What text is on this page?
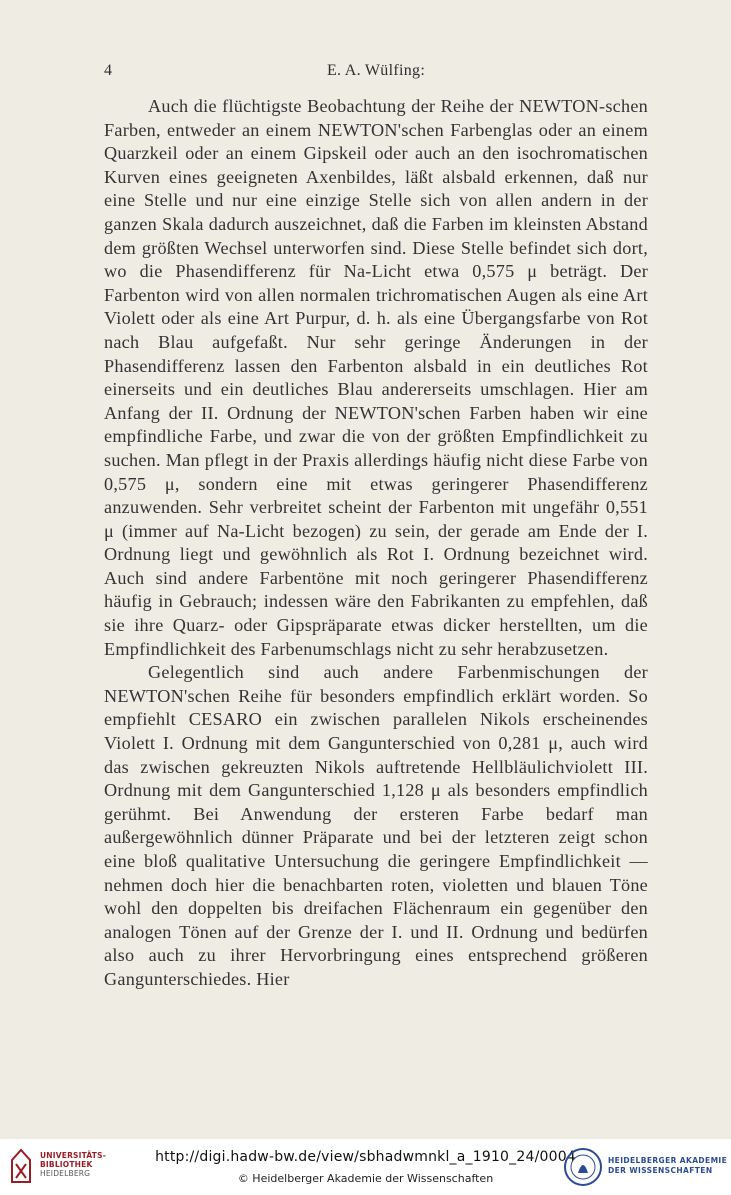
4	E. A. Wülfing:

Auch die flüchtigste Beobachtung der Reihe der NEWTON-schen Farben, entweder an einem NEWTON'schen Farbenglas oder an einem Quarzkeil oder an einem Gipskeil oder auch an den isochromatischen Kurven eines geeigneten Axenbildes, läßt alsbald erkennen, daß nur eine Stelle und nur eine einzige Stelle sich von allen andern in der ganzen Skala dadurch auszeichnet, daß die Farben im kleinsten Abstand dem größten Wechsel unterworfen sind. Diese Stelle befindet sich dort, wo die Phasendifferenz für Na-Licht etwa 0,575 μ beträgt. Der Farbenton wird von allen normalen trichromatischen Augen als eine Art Violett oder als eine Art Purpur, d. h. als eine Übergangsfarbe von Rot nach Blau aufgefaßt. Nur sehr geringe Änderungen in der Phasendifferenz lassen den Farbenton alsbald in ein deutliches Rot einerseits und ein deutliches Blau andererseits umschlagen. Hier am Anfang der II. Ordnung der NEWTON'schen Farben haben wir eine empfindliche Farbe, und zwar die von der größten Empfindlichkeit zu suchen. Man pflegt in der Praxis allerdings häufig nicht diese Farbe von 0,575 μ, sondern eine mit etwas geringerer Phasendifferenz anzuwenden. Sehr verbreitet scheint der Farbenton mit ungefähr 0,551 μ (immer auf Na-Licht bezogen) zu sein, der gerade am Ende der I. Ordnung liegt und gewöhnlich als Rot I. Ordnung bezeichnet wird. Auch sind andere Farbentöne mit noch geringerer Phasendifferenz häufig in Gebrauch; indessen wäre den Fabrikanten zu empfehlen, daß sie ihre Quarz- oder Gipspräparate etwas dicker herstellten, um die Empfindlichkeit des Farbenumschlags nicht zu sehr herabzusetzen.

Gelegentlich sind auch andere Farbenmischungen der NEWTON'schen Reihe für besonders empfindlich erklärt worden. So empfiehlt CESARO ein zwischen parallelen Nikols erscheinendes Violett I. Ordnung mit dem Gangunterschied von 0,281 μ, auch wird das zwischen gekreuzten Nikols auftretende Hellbläulichviolett III. Ordnung mit dem Gangunterschied 1,128 μ als besonders empfindlich gerühmt. Bei Anwendung der ersteren Farbe bedarf man außergewöhnlich dünner Präparate und bei der letzteren zeigt schon eine bloß qualitative Untersuchung die geringere Empfindlichkeit — nehmen doch hier die benachbarten roten, violetten und blauen Töne wohl den doppelten bis dreifachen Flächenraum ein gegenüber den analogen Tönen auf der Grenze der I. und II. Ordnung und bedürfen also auch zu ihrer Hervorbringung eines entsprechend größeren Gangunterschiedes. Hier

UNIVERSITÄTS-
BIBLIOTHEK
HEIDELBERG
http://digi.hadw-bw.de/view/sbhadwmnkl_a_1910_24/0004
© Heidelberger Akademie der Wissenschaften
HEIDELBERGER AKADEMIE
DER WISSENSCHAFTEN
